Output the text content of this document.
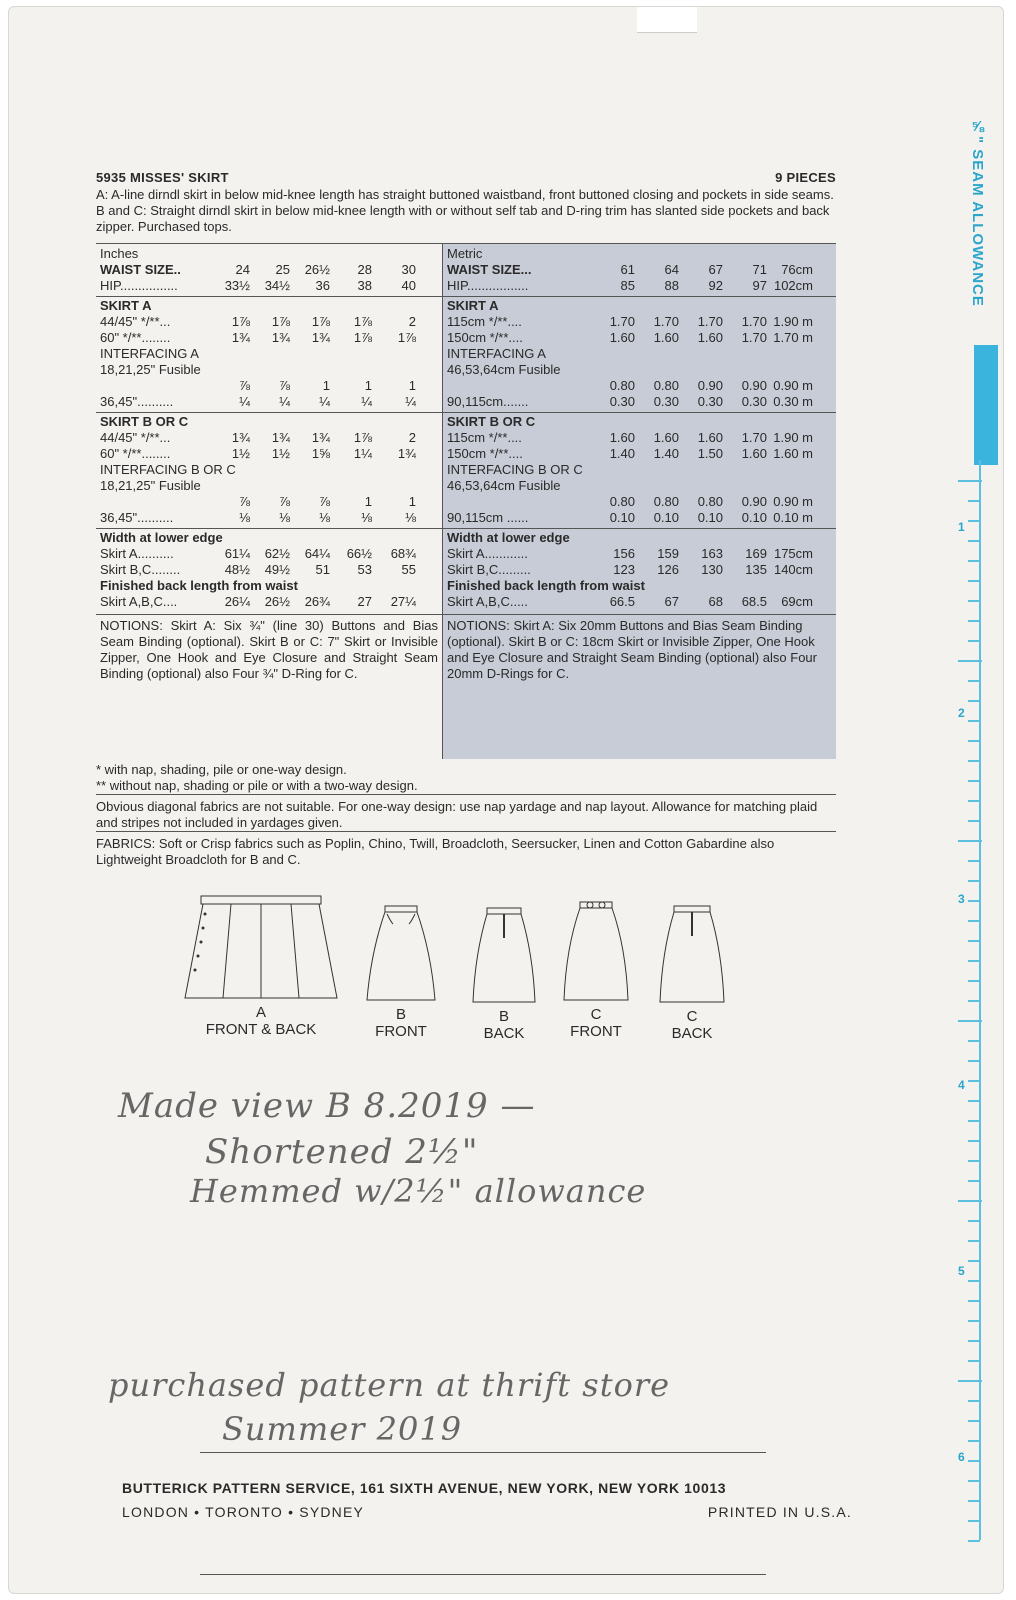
⅝" SEAM ALLOWANCE
1
2
3
4
5
6
5935 MISSES' SKIRT	9 PIECES
A: A-line dirndl skirt in below mid-knee length has straight buttoned waistband, front buttoned closing and pockets in side seams. B and C: Straight dirndl skirt in below mid-knee length with or without self tab and D-ring trim has slanted side pockets and back zipper. Purchased tops.
Inches
WAIST SIZE..	24	25	26½	28	30
HIP................	33½	34½	36	38	40
SKIRT A
44/45" */**...	1⅞	1⅞	1⅞	1⅞	2
60" */**........	1¾	1¾	1¾	1⅞	1⅞
INTERFACING A
18,21,25" Fusible
⅞	⅞	1	1	1
36,45"..........	¼	¼	¼	¼	¼
SKIRT B OR C
44/45" */**...	1¾	1¾	1¾	1⅞	2
60" */**........	1½	1½	1⅝	1¼	1¾
INTERFACING B OR C
18,21,25" Fusible
⅞	⅞	⅞	1	1
36,45"..........	⅛	⅛	⅛	⅛	⅛
Width at lower edge
Skirt A..........	61¼	62½	64¼	66½	68¾
Skirt B,C........	48½	49½	51	53	55
Finished back length from waist
Skirt A,B,C....	26¼	26½	26¾	27	27¼
NOTIONS: Skirt A: Six ¾" (line 30) Buttons and Bias Seam Binding (optional). Skirt B or C: 7" Skirt or Invisible Zipper, One Hook and Eye Closure and Straight Seam Binding (optional) also Four ¾" D-Ring for C.
Metric
WAIST SIZE...	61	64	67	71	76cm
HIP.................	85	88	92	97 102cm
SKIRT A
115cm */**....	1.70	1.70	1.70	1.70 1.90 m
150cm */**....	1.60	1.60	1.60	1.70 1.70 m
INTERFACING A
46,53,64cm Fusible
0.80	0.80	0.90	0.90 0.90 m
90,115cm.......	0.30	0.30	0.30	0.30 0.30 m
SKIRT B OR C
115cm */**....	1.60	1.60	1.60	1.70 1.90 m
150cm */**....	1.40	1.40	1.50	1.60 1.60 m
INTERFACING B OR C
46,53,64cm Fusible
0.80	0.80	0.80	0.90 0.90 m
90,115cm ......	0.10	0.10	0.10	0.10 0.10 m
Width at lower edge
Skirt A............	156	159	163	169 175cm
Skirt B,C.........	123	126	130	135 140cm
Finished back length from waist
Skirt A,B,C.....	66.5	67	68	68.5	69cm
NOTIONS: Skirt A: Six 20mm Buttons and Bias Seam Binding (optional). Skirt B or C: 18cm Skirt or Invisible Zipper, One Hook and Eye Closure and Straight Seam Binding (optional) also Four 20mm D-Rings for C.

* with nap, shading, pile or one-way design.

** without nap, shading or pile or with a two-way design.

Obvious diagonal fabrics are not suitable. For one-way design: use nap yardage and nap layout. Allowance for matching plaid and stripes not included in yardages given.

FABRICS: Soft or Crisp fabrics such as Poplin, Chino, Twill, Broadcloth, Seersucker, Linen and Cotton Gabardine also Lightweight Broadcloth for B and C.

A
FRONT & BACK
B
FRONT
B
BACK
C
FRONT
C
BACK
Made view B 8.2019 —
Shortened 2½"
Hemmed w/2½" allowance
purchased pattern at thrift store
Summer 2019
BUTTERICK PATTERN SERVICE, 161 SIXTH AVENUE, NEW YORK, NEW YORK 10013
LONDON • TORONTO • SYDNEY	PRINTED IN U.S.A.
